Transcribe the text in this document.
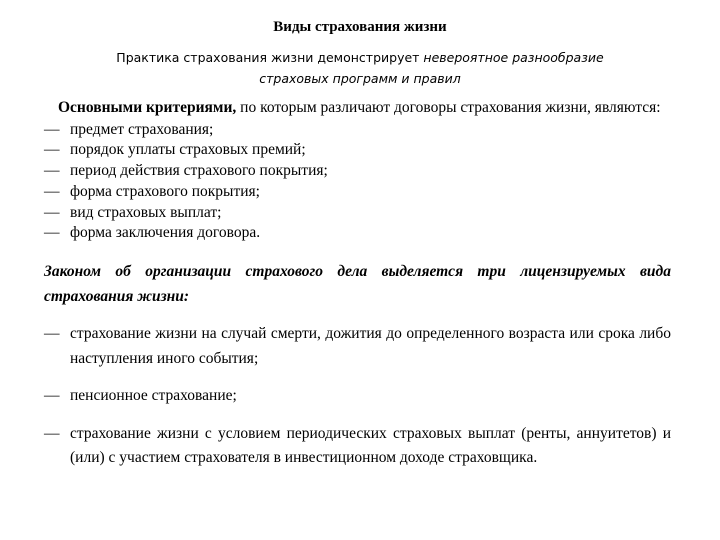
Виды страхования жизни
Практика страхования жизни демонстрирует невероятное разнообразие страховых программ и правил

Основными критериями, по которым различают договоры страхования жизни, являются:

— предмет страхования;
— порядок уплаты страховых премий;
— период действия страхового покрытия;
— форма страхового покрытия;
— вид страховых выплат;
— форма заключения договора.

Законом об организации страхового дела выделяется три лицензируемых вида страхования жизни:

— страхование жизни на случай смерти, дожития до определенного возраста или срока либо наступления иного события;
— пенсионное страхование;
— страхование жизни с условием периодических страховых выплат (ренты, аннуитетов) и (или) с участием страхователя в инвестиционном доходе страховщика.
